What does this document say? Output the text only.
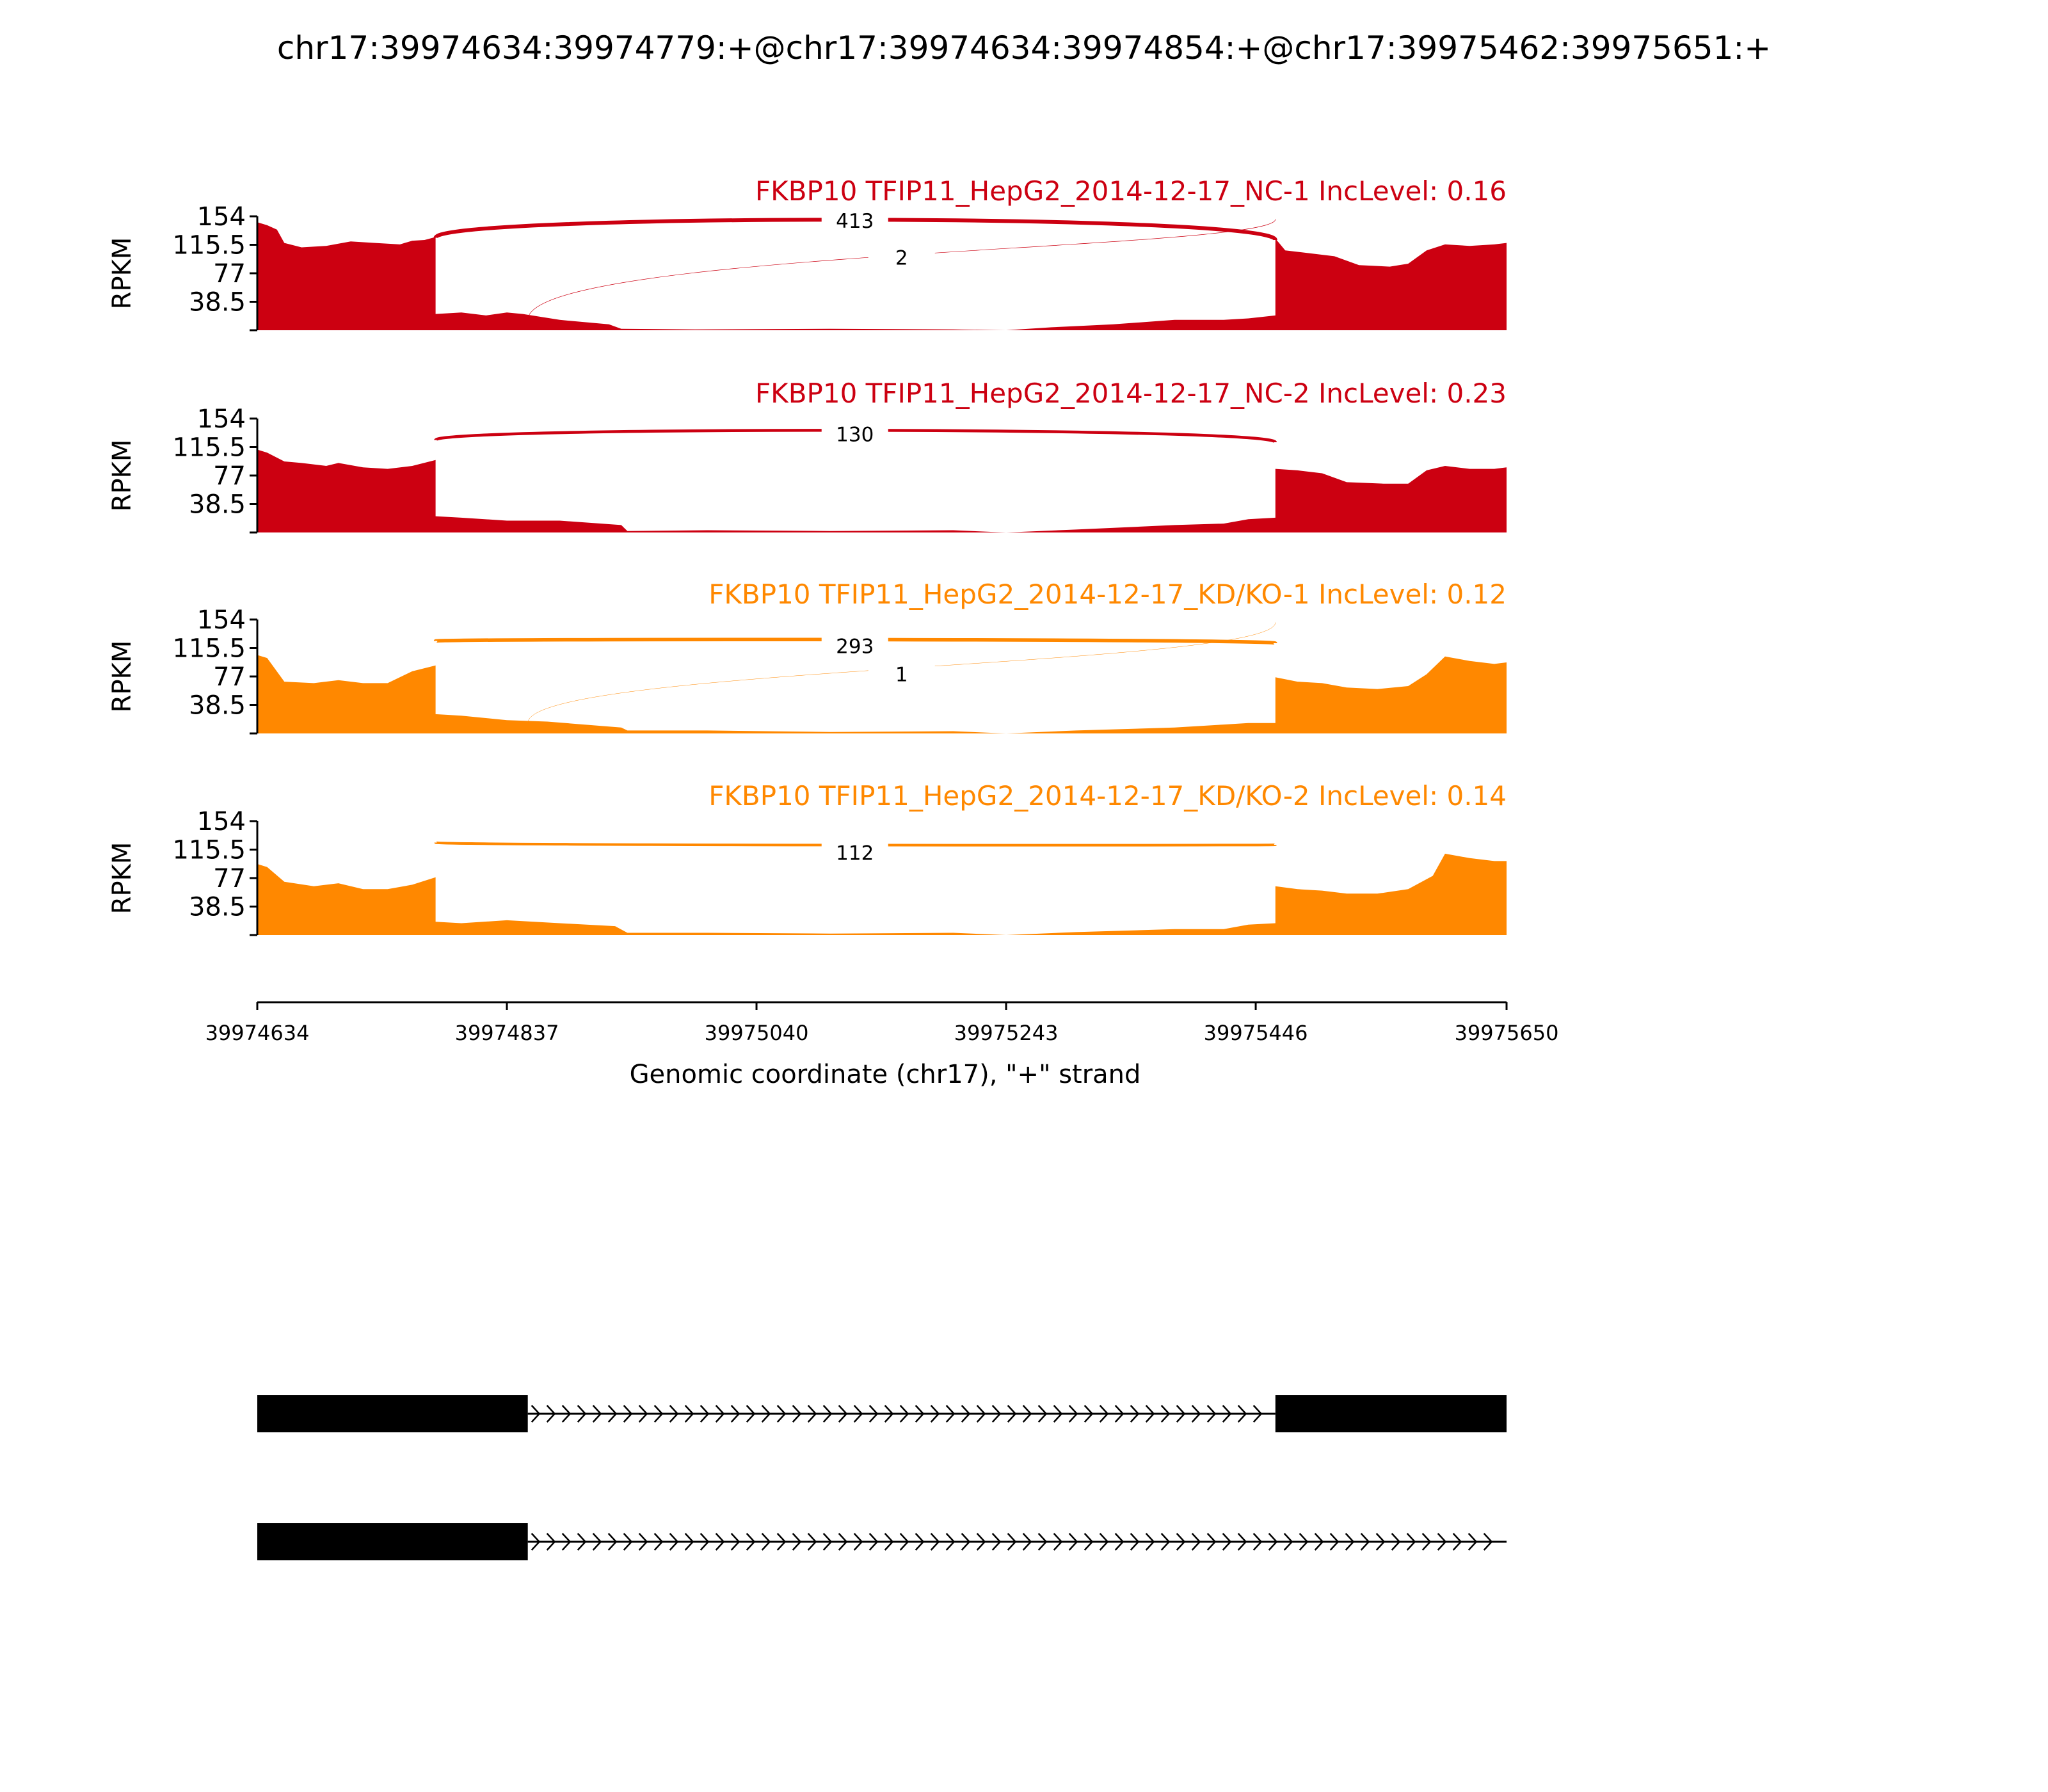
chr17:39974634:39974779:+@chr17:39974634:39974854:+@chr17:39975462:39975651:+
38.5
77
115.5
154
RPKM
413
2
FKBP10 TFIP11_HepG2_2014-12-17_NC-1 IncLevel: 0.16
38.5
77
115.5
154
RPKM
130
FKBP10 TFIP11_HepG2_2014-12-17_NC-2 IncLevel: 0.23
38.5
77
115.5
154
RPKM	293
1
FKBP10 TFIP11_HepG2_2014-12-17_KD/KO-1 IncLevel: 0.12
38.5
77
115.5
154
RPKM	112
FKBP10 TFIP11_HepG2_2014-12-17_KD/KO-2 IncLevel: 0.14
Genomic coordinate (chr17), "+" strand
39974634	39974837	39975040	39975243	39975446	39975650
